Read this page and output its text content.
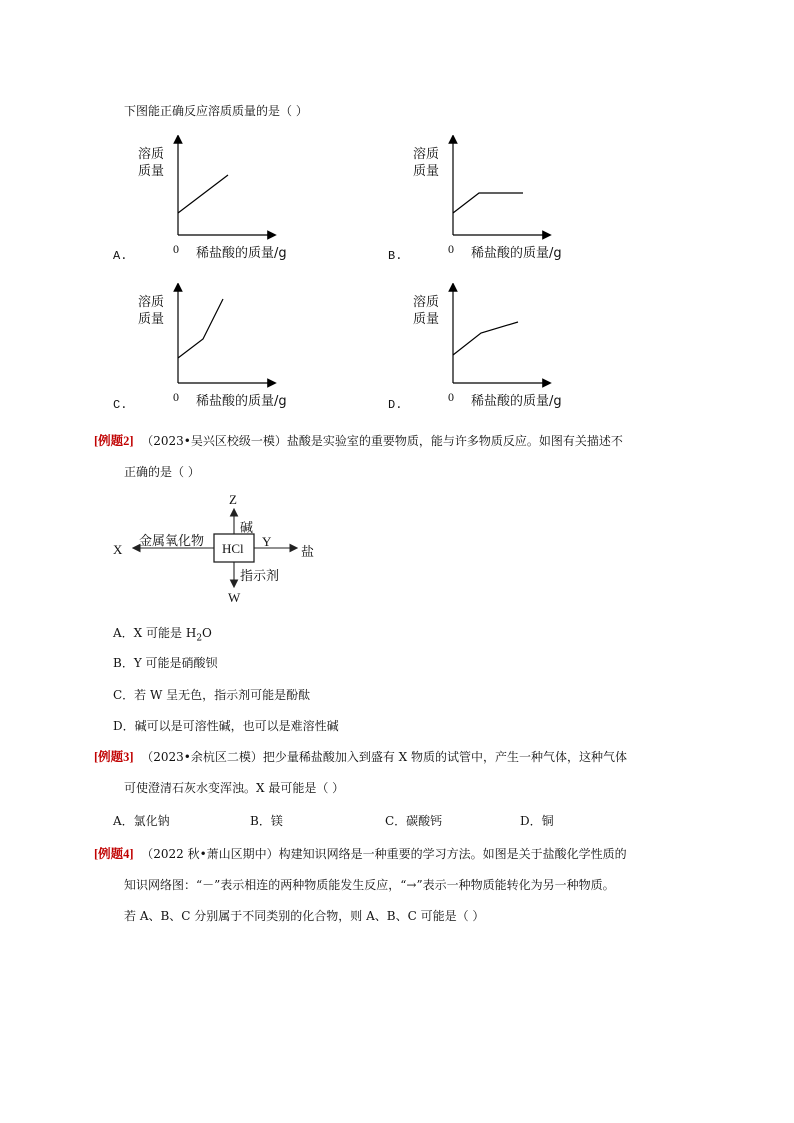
下图能正确反应溶质质量的是（ ）
溶质
质量
0 稀盐酸的质量/g
A.
溶质
质量
0 稀盐酸的质量/g
B.
溶质
质量
0 稀盐酸的质量/g
C.
溶质
质量
0 稀盐酸的质量/g
D.
[例题2] （2023•吴兴区校级一模）盐酸是实验室的重要物质，能与许多物质反应。如图有关描述不
正确的是（ ）
HCl
Z
碱
X
金属氧化物
盐
Y
W
指示剂
A．X 可能是 $H_2O$
B．Y 可能是硝酸钡
C．若 W 呈无色，指示剂可能是酚酞
D．碱可以是可溶性碱，也可以是难溶性碱
[例题3] （2023•余杭区二模）把少量稀盐酸加入到盛有 X 物质的试管中，产生一种气体，这种气体
可使澄清石灰水变浑浊。X 最可能是（ ）
A．氯化钠	B．镁	C．碳酸钙	D．铜
[例题4] （2022 秋•萧山区期中）构建知识网络是一种重要的学习方法。如图是关于盐酸化学性质的
知识网络图：“－”表示相连的两种物质能发生反应，“→”表示一种物质能转化为另一种物质。
若 A、B、C 分别属于不同类别的化合物，则 A、B、C 可能是（ ）
